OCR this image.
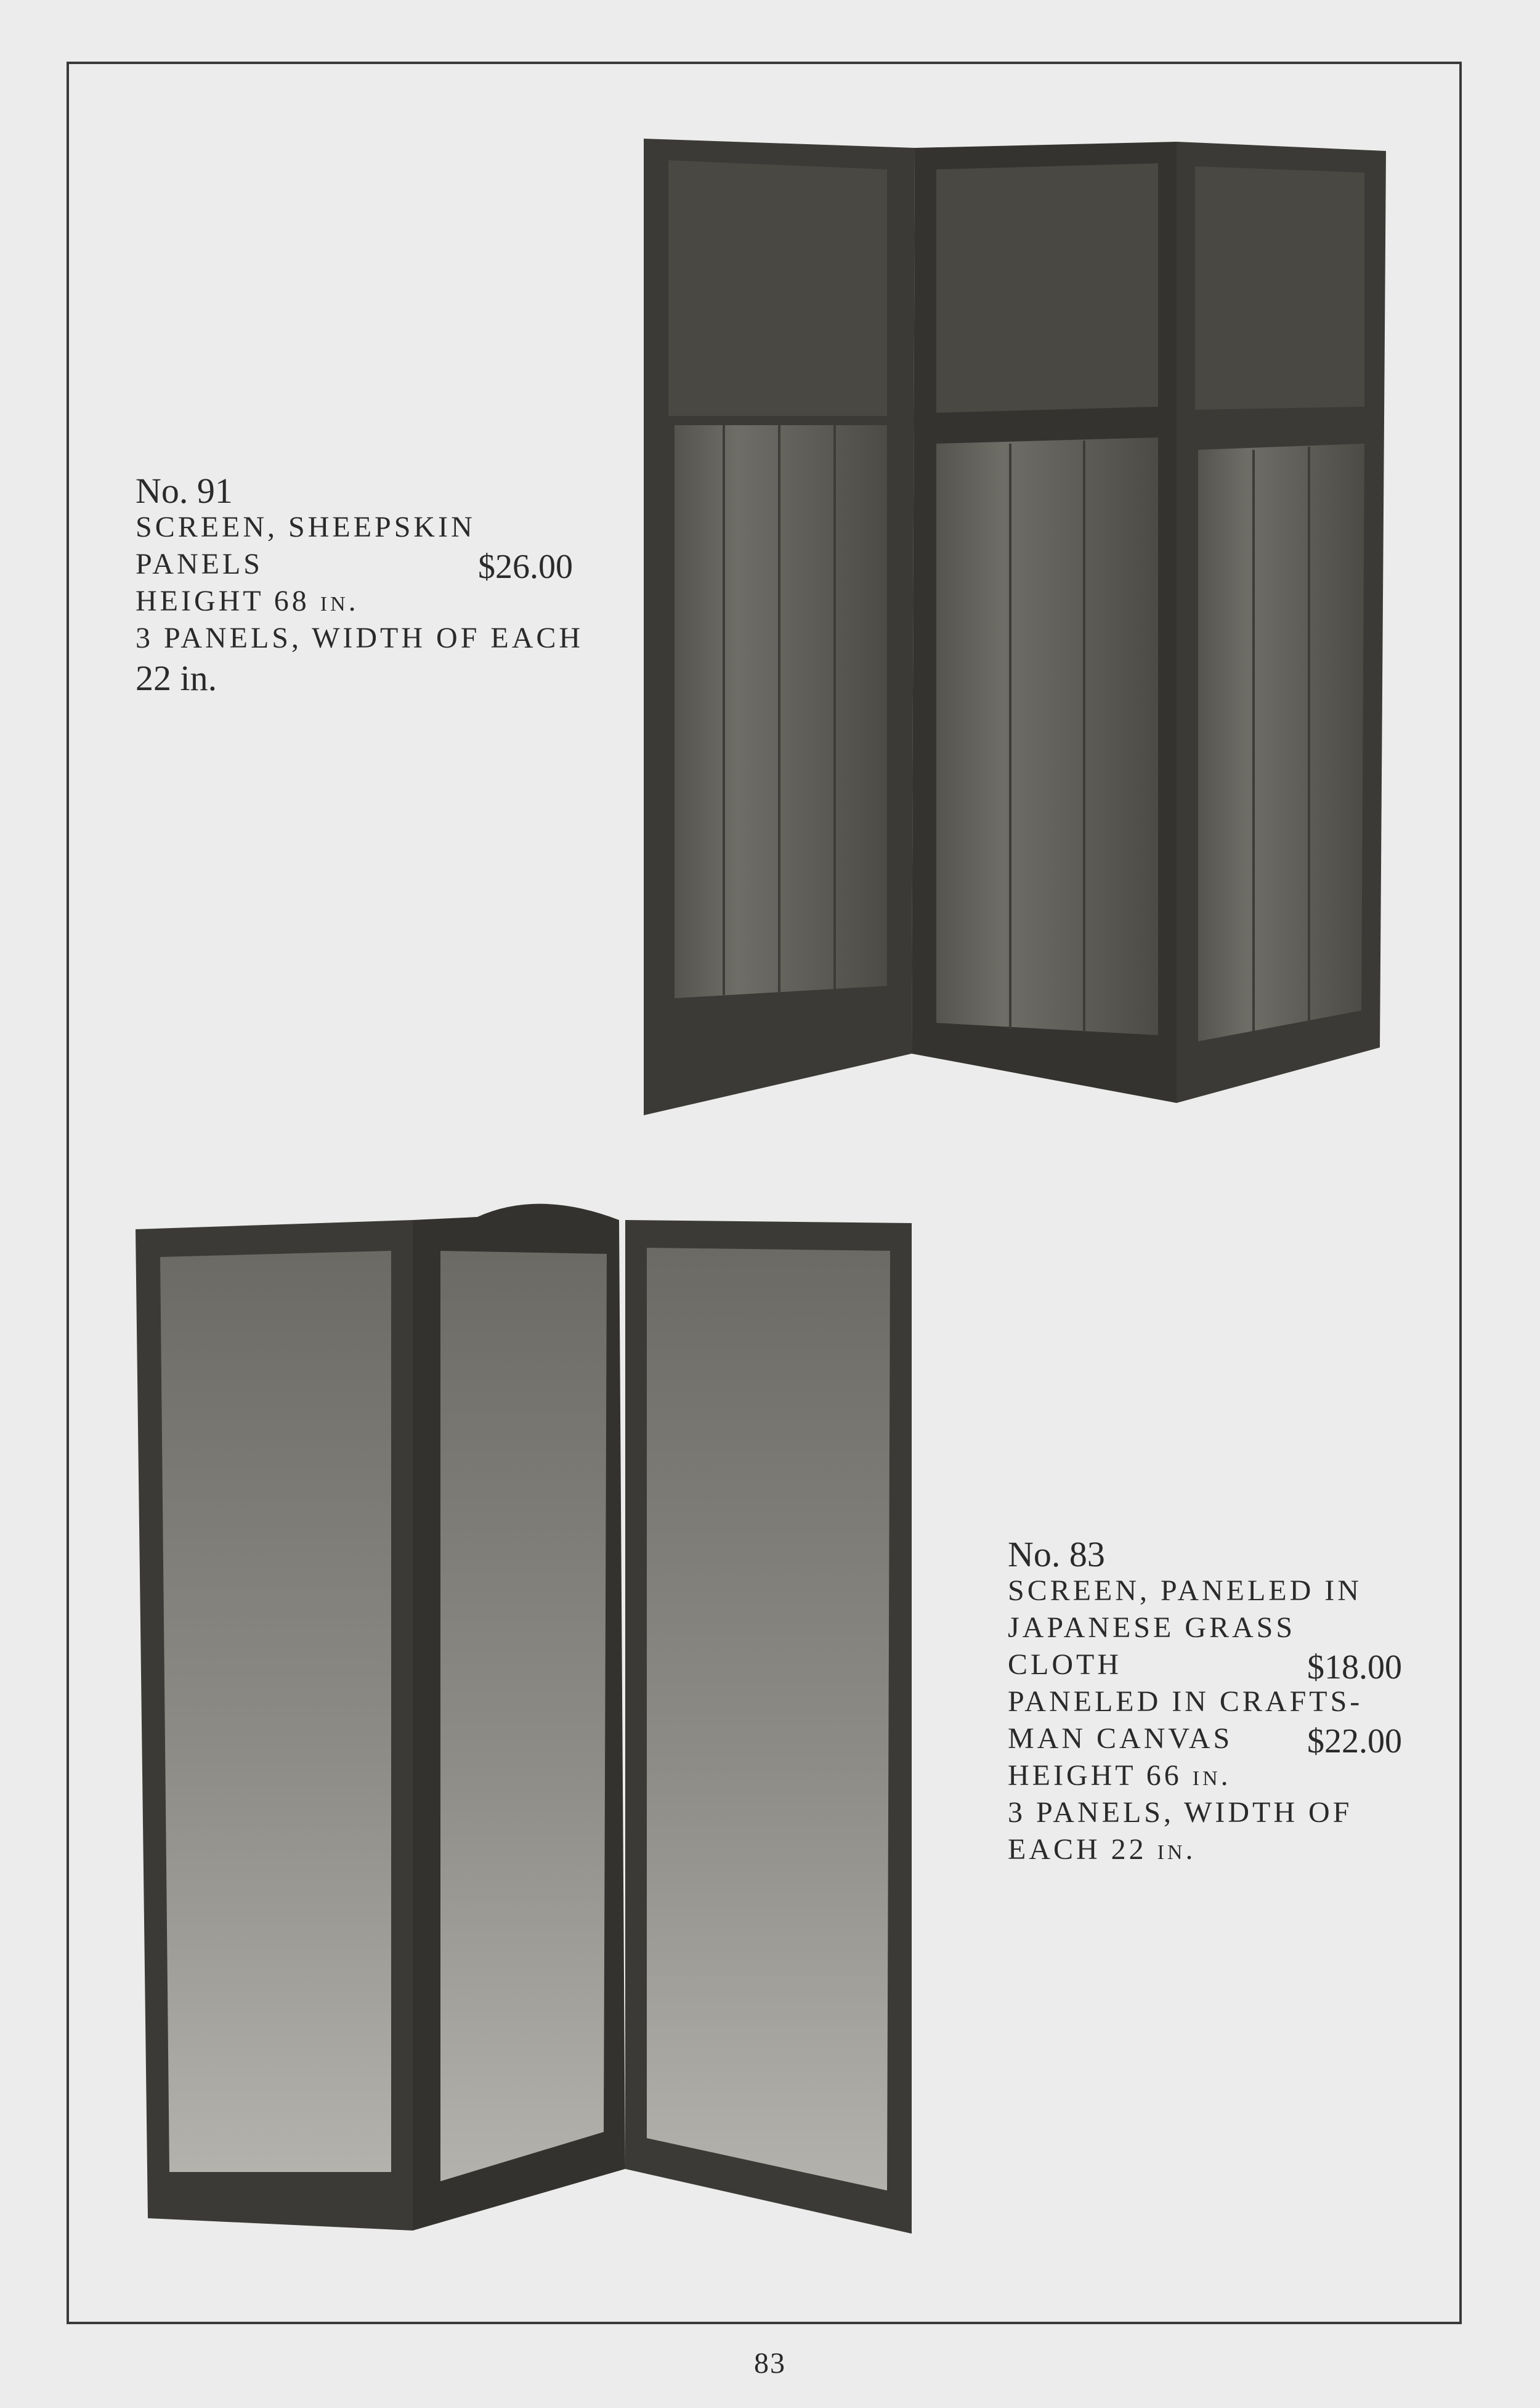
No. 91
SCREEN, SHEEPSKIN
PANELS	$26.00
HEIGHT 68 in.
3 PANELS, WIDTH OF EACH
22 in.
No. 83
SCREEN, PANELED IN
JAPANESE GRASS
CLOTH	$18.00
PANELED IN CRAFTS-
MAN CANVAS $22.00
HEIGHT 66 in.
3 PANELS, WIDTH OF
EACH 22 in.
83
